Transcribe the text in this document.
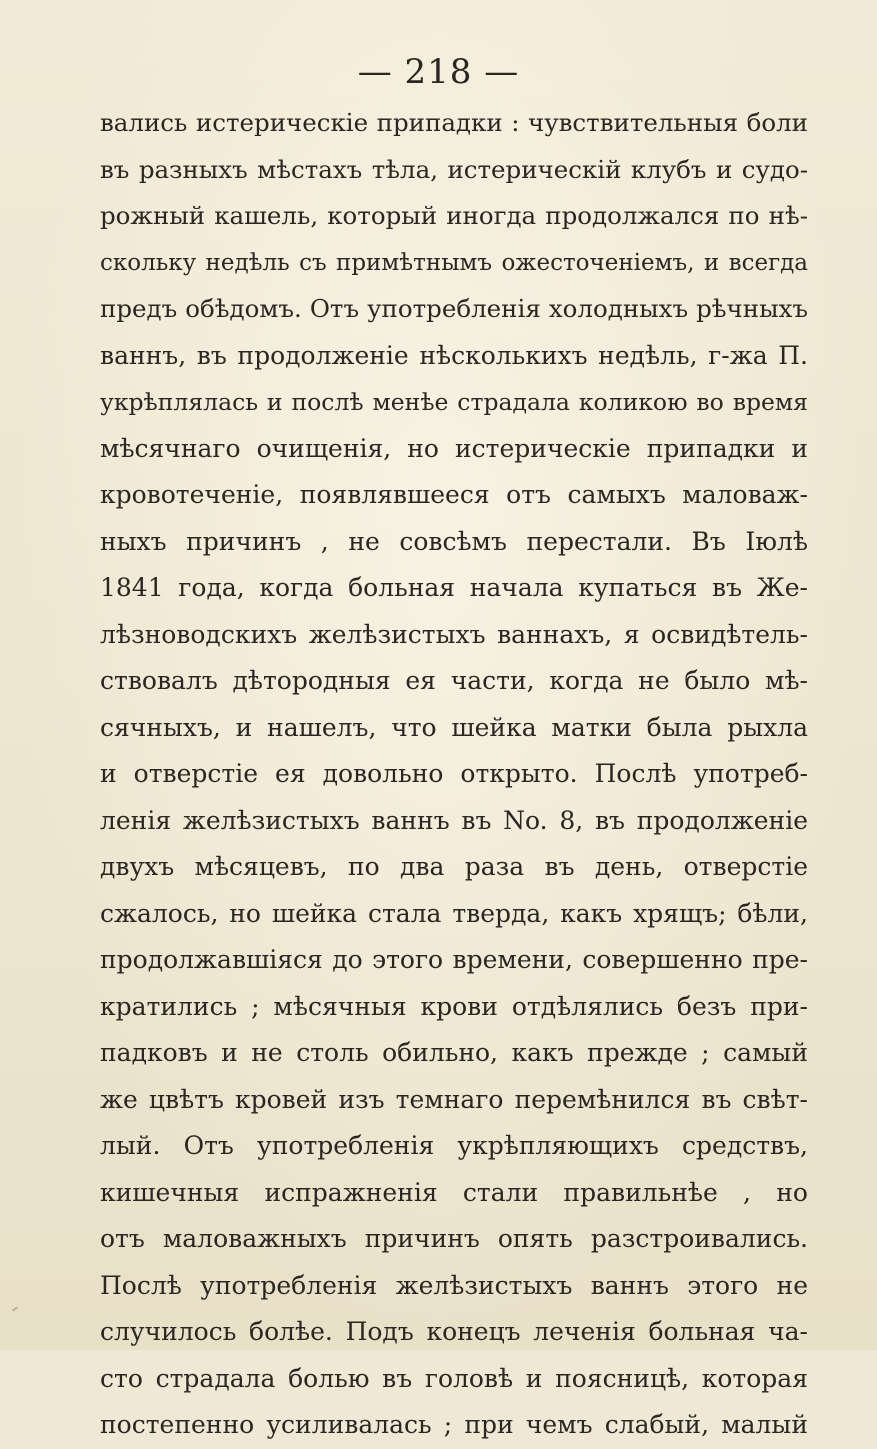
— 218 —
вались истерическіе припадки : чувствительныя боли
въ разныхъ мѣстахъ тѣла, истерическій клубъ и судо-
рожный кашель, который иногда продолжался по нѣ-
скольку недѣль съ примѣтнымъ ожесточеніемъ, и всегда
предъ обѣдомъ. Отъ употребленія холодныхъ рѣчныхъ
ваннъ, въ продолженіе нѣсколькихъ недѣль, г-жа П.
укрѣплялась и послѣ менѣе страдала коликою во время
мѣсячнаго очищенія, но истерическіе припадки и
кровотеченіе, появлявшееся отъ самыхъ маловаж-
ныхъ причинъ , не совсѣмъ перестали. Въ Іюлѣ
1841 года, когда больная начала купаться въ Же-
лѣзноводскихъ желѣзистыхъ ваннахъ, я освидѣтель-
ствовалъ дѣтородныя ея части, когда не было мѣ-
сячныхъ, и нашелъ, что шейка матки была рыхла
и отверстіе ея довольно открыто. Послѣ употреб-
ленія желѣзистыхъ ваннъ въ No. 8, въ продолженіе
двухъ мѣсяцевъ, по два раза въ день, отверстіе
сжалось, но шейка стала тверда, какъ хрящъ; бѣли,
продолжавшіяся до этого времени, совершенно пре-
кратились ; мѣсячныя крови отдѣлялись безъ при-
падковъ и не столь обильно, какъ прежде ; самый
же цвѣтъ кровей изъ темнаго перемѣнился въ свѣт-
лый. Отъ употребленія укрѣпляющихъ средствъ,
кишечныя испражненія стали правильнѣе , но
отъ маловажныхъ причинъ опять разстроивались.
Послѣ употребленія желѣзистыхъ ваннъ этого не
случилось болѣе. Подъ конецъ леченія больная ча-
сто страдала болью въ головѣ и поясницѣ, которая
постепенно усиливалась ; при чемъ слабый, малый
